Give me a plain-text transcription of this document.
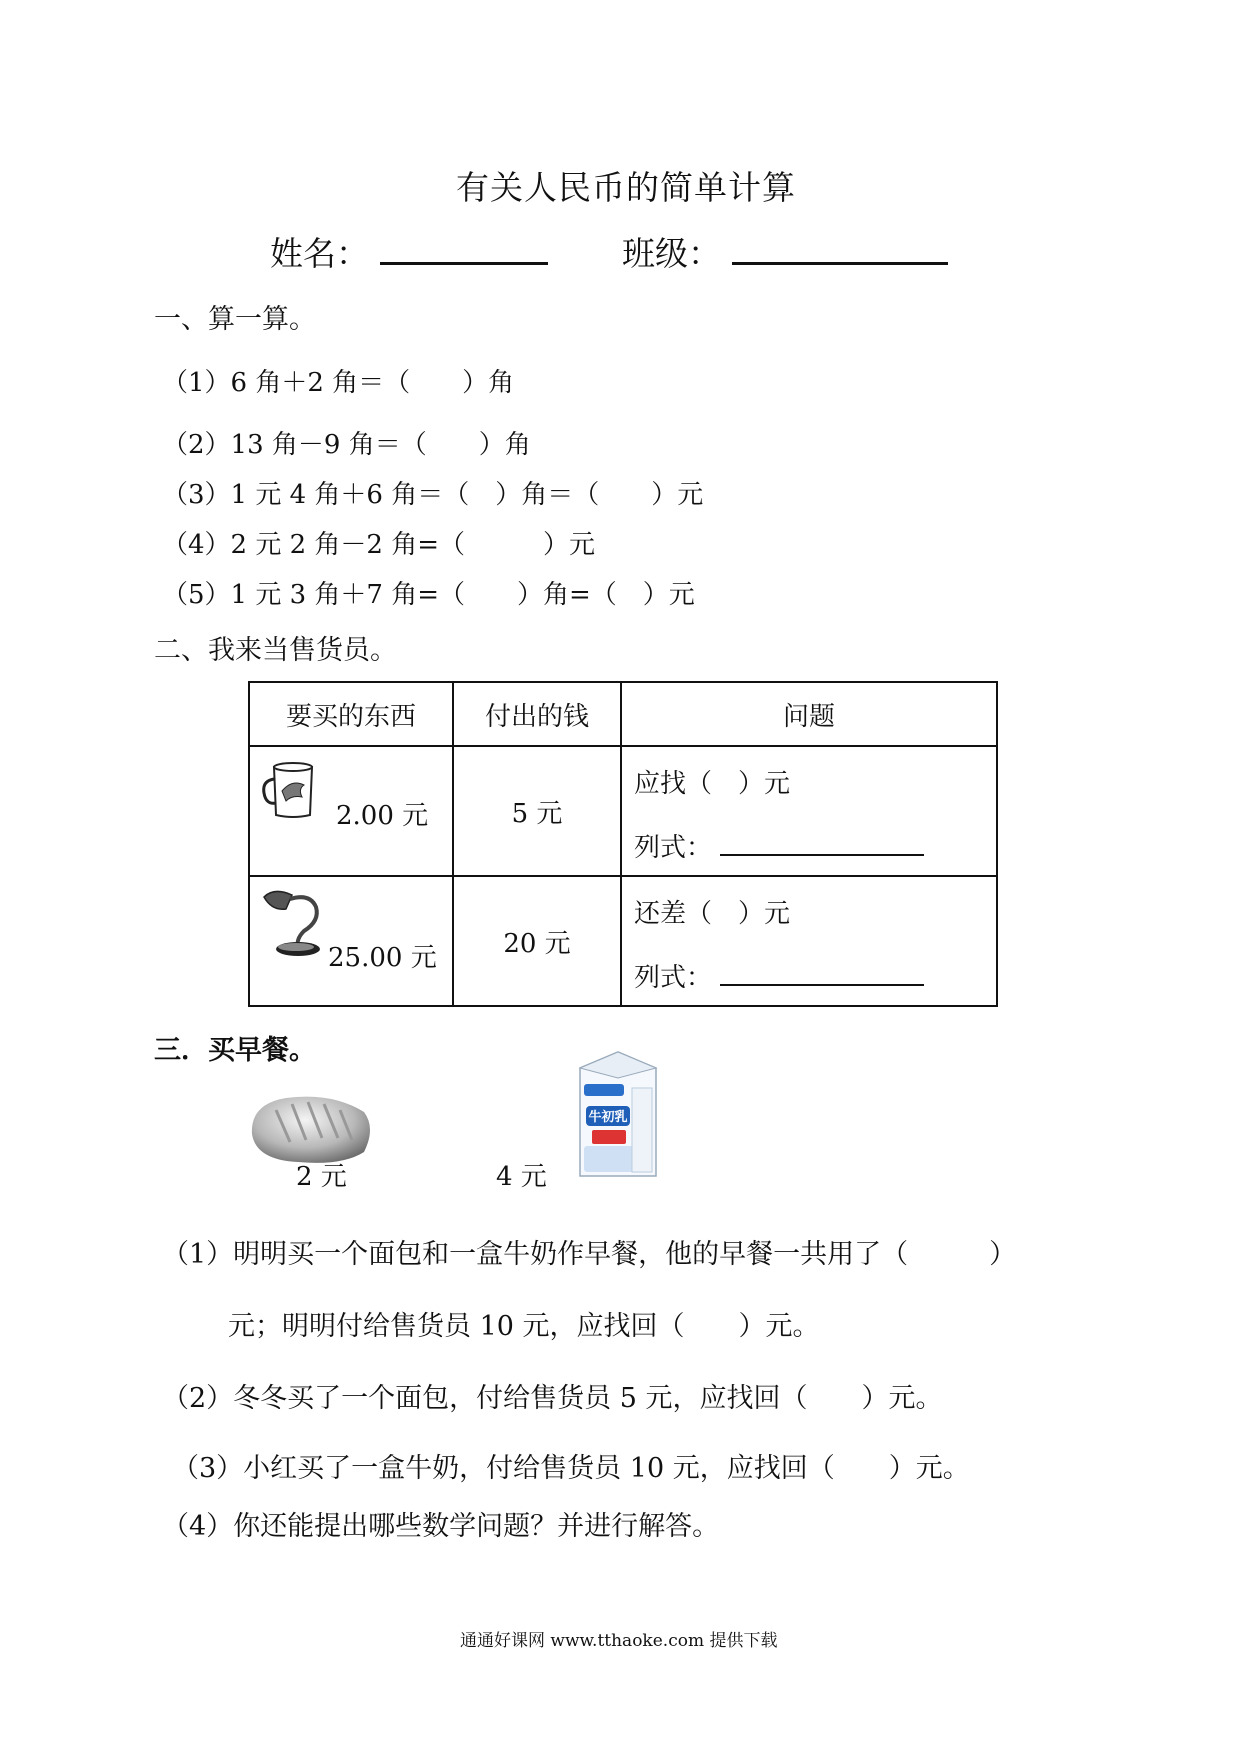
有关人民币的简单计算
姓名：	班级：
一、算一算。
（1）6 角＋2 角＝（　　）角
（2）13 角－9 角＝（　　）角
（3）1 元 4 角＋6 角＝（　）角＝（　　）元
（4）2 元 2 角－2 角=（　　　）元
（5）1 元 3 角＋7 角=（　　）角=（　）元
二、我来当售货员。
要买的东西	付出的钱	问题

2.00 元	5 元	应找（　）元
列式：

25.00 元	20 元	还差（　）元
列式：
三．买早餐。
2 元	4 元
牛初乳
（1）明明买一个面包和一盒牛奶作早餐，他的早餐一共用了（　　　）
元；明明付给售货员 10 元，应找回（　　）元。
（2）冬冬买了一个面包，付给售货员 5 元，应找回（　　）元。
（3）小红买了一盒牛奶，付给售货员 10 元，应找回（　　）元。
（4）你还能提出哪些数学问题？并进行解答。
通通好课网 www.tthaoke.com 提供下载
